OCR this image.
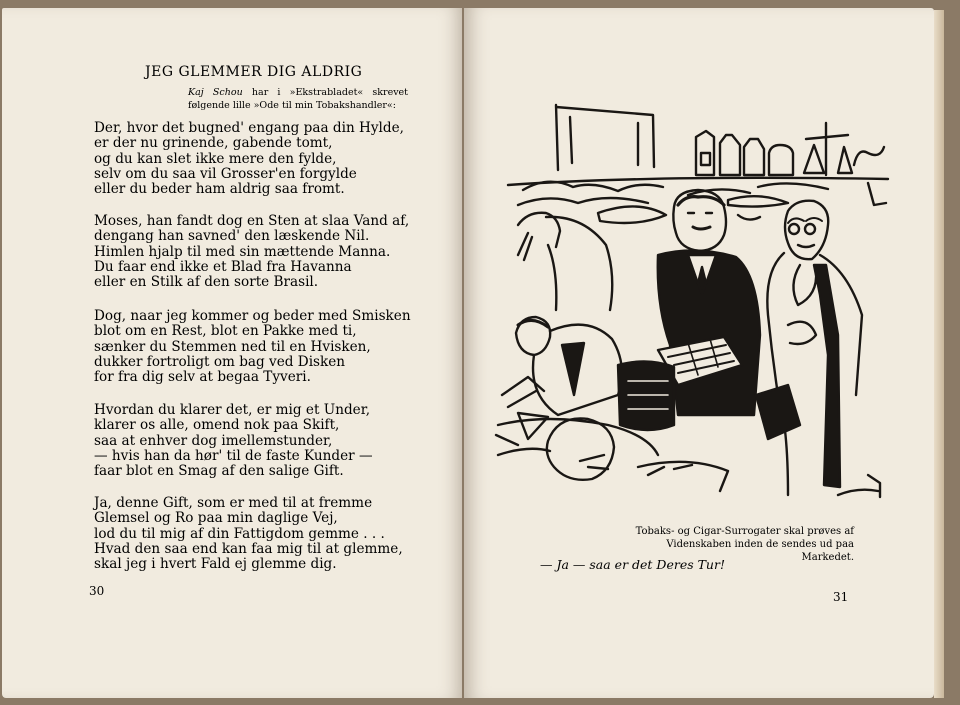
JEG GLEMMER DIG ALDRIG
Kaj Schou har i »Ekstrabladet« skrevet følgende lille »Ode til min Tobakshandler«:
Der, hvor det bugned' engang paa din Hylde,
er der nu grinende, gabende tomt,
og du kan slet ikke mere den fylde,
selv om du saa vil Grosser'en forgylde
eller du beder ham aldrig saa fromt.
Moses, han fandt dog en Sten at slaa Vand af,
dengang han savned' den læskende Nil.
Himlen hjalp til med sin mættende Manna.
Du faar end ikke et Blad fra Havanna
eller en Stilk af den sorte Brasil.
Dog, naar jeg kommer og beder med Smisken
blot om en Rest, blot en Pakke med ti,
sænker du Stemmen ned til en Hvisken,
dukker fortroligt om bag ved Disken
for fra dig selv at begaa Tyveri.
Hvordan du klarer det, er mig et Under,
klarer os alle, omend nok paa Skift,
saa at enhver dog imellemstunder,
— hvis han da hør' til de faste Kunder —
faar blot en Smag af den salige Gift.
Ja, denne Gift, som er med til at fremme
Glemsel og Ro paa min daglige Vej,
lod du til mig af din Fattigdom gemme . . .
Hvad den saa end kan faa mig til at glemme,
skal jeg i hvert Fald ej glemme dig.
30
Tobaks- og Cigar-Surrogater skal prøves af
Videnskaben inden de sendes ud paa Markedet.
— Ja — saa er det Deres Tur!
31
